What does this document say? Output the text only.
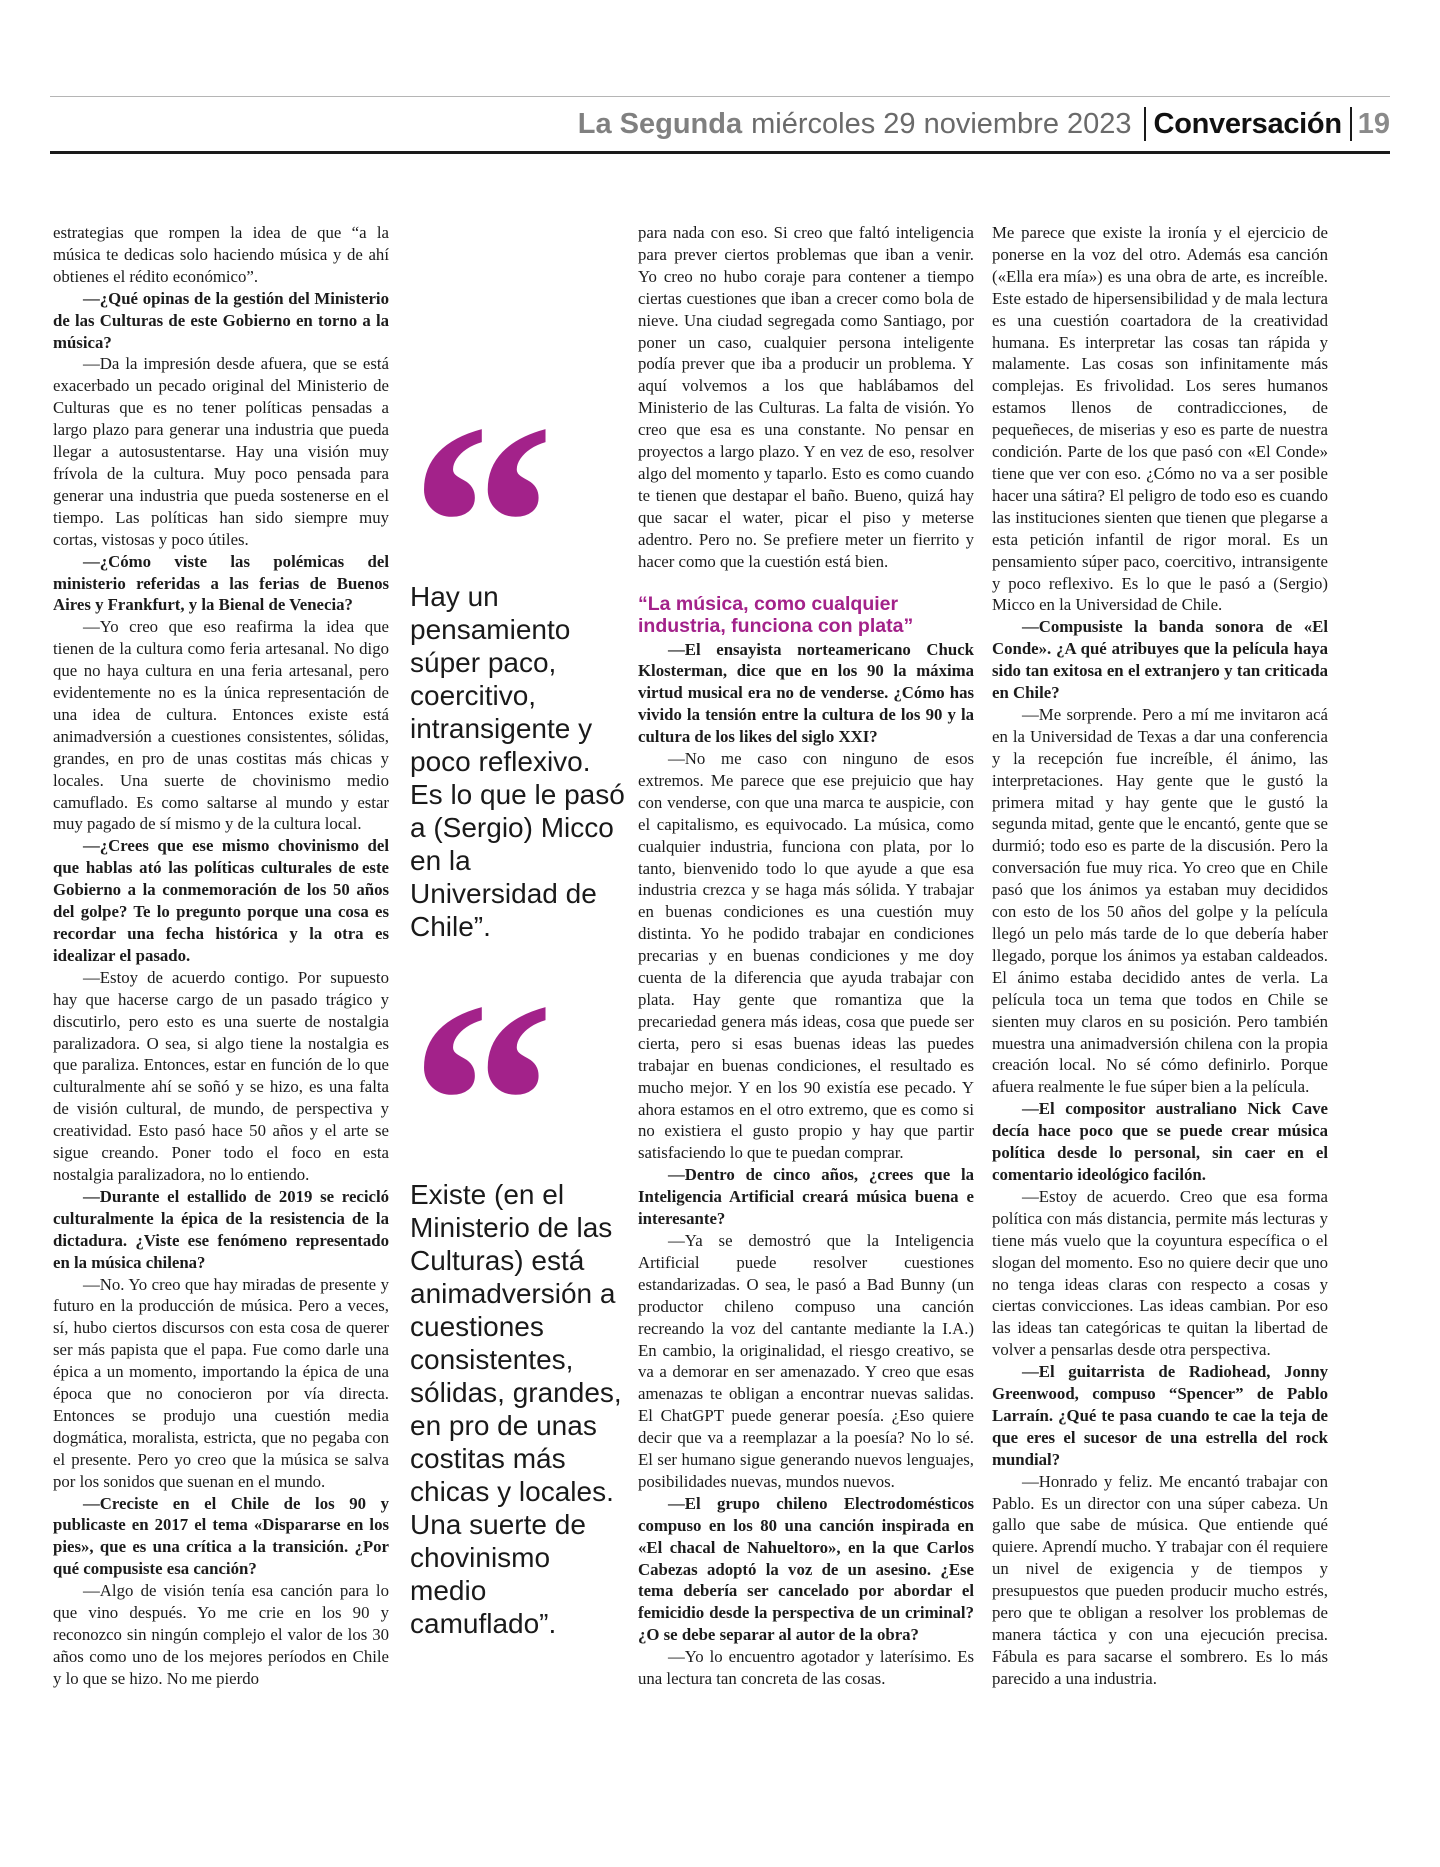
La Segunda miércoles 29 noviembre 2023 Conversación 19

estrategias que rompen la idea de que “a la música te dedicas solo haciendo música y de ahí obtienes el rédito económico”.

—¿Qué opinas de la gestión del Ministerio de las Culturas de este Gobierno en torno a la música?

—Da la impresión desde afuera, que se está exacerbado un pecado original del Ministerio de Culturas que es no tener políticas pensadas a largo plazo para generar una industria que pueda llegar a autosustentarse. Hay una visión muy frívola de la cultura. Muy poco pensada para generar una industria que pueda sostenerse en el tiempo. Las políticas han sido siempre muy cortas, vistosas y poco útiles.

—¿Cómo viste las polémicas del ministerio referidas a las ferias de Buenos Aires y Frankfurt, y la Bienal de Venecia?

—Yo creo que eso reafirma la idea que tienen de la cultura como feria artesanal. No digo que no haya cultura en una feria artesanal, pero evidentemente no es la única representación de una idea de cultura. Entonces existe está animadversión a cuestiones consistentes, sólidas, grandes, en pro de unas costitas más chicas y locales. Una suerte de chovinismo medio camuflado. Es como saltarse al mundo y estar muy pagado de sí mismo y de la cultura local.

—¿Crees que ese mismo chovinismo del que hablas ató las políticas culturales de este Gobierno a la conmemoración de los 50 años del golpe? Te lo pregunto porque una cosa es recordar una fecha histórica y la otra es idealizar el pasado.

—Estoy de acuerdo contigo. Por supuesto hay que hacerse cargo de un pasado trágico y discutirlo, pero esto es una suerte de nostalgia paralizadora. O sea, si algo tiene la nostalgia es que paraliza. Entonces, estar en función de lo que culturalmente ahí se soñó y se hizo, es una falta de visión cultural, de mundo, de perspectiva y creatividad. Esto pasó hace 50 años y el arte se sigue creando. Poner todo el foco en esta nostalgia paralizadora, no lo entiendo.

—Durante el estallido de 2019 se recicló culturalmente la épica de la resistencia de la dictadura. ¿Viste ese fenómeno representado en la música chilena?

—No. Yo creo que hay miradas de presente y futuro en la producción de música. Pero a veces, sí, hubo ciertos discursos con esta cosa de querer ser más papista que el papa. Fue como darle una épica a un momento, importando la épica de una época que no conocieron por vía directa. Entonces se produjo una cuestión media dogmática, moralista, estricta, que no pegaba con el presente. Pero yo creo que la música se salva por los sonidos que suenan en el mundo.

—Creciste en el Chile de los 90 y publicaste en 2017 el tema «Dispararse en los pies», que es una crítica a la transición. ¿Por qué compusiste esa canción?

—Algo de visión tenía esa canción para lo que vino después. Yo me crie en los 90 y reconozco sin ningún complejo el valor de los 30 años como uno de los mejores períodos en Chile y lo que se hizo. No me pierdo

Hay un pensamiento súper paco, coercitivo, intransigente y poco reflexivo. Es lo que le pasó a (Sergio) Micco en la Universidad de Chile”.
Existe (en el Ministerio de las Culturas) está animadversión a cuestiones consistentes, sólidas, grandes, en pro de unas costitas más chicas y locales. Una suerte de chovinismo medio camuflado”.

para nada con eso. Si creo que faltó inteligencia para prever ciertos problemas que iban a venir. Yo creo no hubo coraje para contener a tiempo ciertas cuestiones que iban a crecer como bola de nieve. Una ciudad segregada como Santiago, por poner un caso, cualquier persona inteligente podía prever que iba a producir un problema. Y aquí volvemos a los que hablábamos del Ministerio de las Culturas. La falta de visión. Yo creo que esa es una constante. No pensar en proyectos a largo plazo. Y en vez de eso, resolver algo del momento y taparlo. Esto es como cuando te tienen que destapar el baño. Bueno, quizá hay que sacar el water, picar el piso y meterse adentro. Pero no. Se prefiere meter un fierrito y hacer como que la cuestión está bien.

“La música, como cualquier industria, funciona con plata”

—El ensayista norteamericano Chuck Klosterman, dice que en los 90 la máxima virtud musical era no de venderse. ¿Cómo has vivido la tensión entre la cultura de los 90 y la cultura de los likes del siglo XXI?

—No me caso con ninguno de esos extremos. Me parece que ese prejuicio que hay con venderse, con que una marca te auspicie, con el capitalismo, es equivocado. La música, como cualquier industria, funciona con plata, por lo tanto, bienvenido todo lo que ayude a que esa industria crezca y se haga más sólida. Y trabajar en buenas condiciones es una cuestión muy distinta. Yo he podido trabajar en condiciones precarias y en buenas condiciones y me doy cuenta de la diferencia que ayuda trabajar con plata. Hay gente que romantiza que la precariedad genera más ideas, cosa que puede ser cierta, pero si esas buenas ideas las puedes trabajar en buenas condiciones, el resultado es mucho mejor. Y en los 90 existía ese pecado. Y ahora estamos en el otro extremo, que es como si no existiera el gusto propio y hay que partir satisfaciendo lo que te puedan comprar.

—Dentro de cinco años, ¿crees que la Inteligencia Artificial creará música buena e interesante?

—Ya se demostró que la Inteligencia Artificial puede resolver cuestiones estandarizadas. O sea, le pasó a Bad Bunny (un productor chileno compuso una canción recreando la voz del cantante mediante la I.A.) En cambio, la originalidad, el riesgo creativo, se va a demorar en ser amenazado. Y creo que esas amenazas te obligan a encontrar nuevas salidas. El ChatGPT puede generar poesía. ¿Eso quiere decir que va a reemplazar a la poesía? No lo sé. El ser humano sigue generando nuevos lenguajes, posibilidades nuevas, mundos nuevos.

—El grupo chileno Electrodomésticos compuso en los 80 una canción inspirada en «El chacal de Nahueltoro», en la que Carlos Cabezas adoptó la voz de un asesino. ¿Ese tema debería ser cancelado por abordar el femicidio desde la perspectiva de un criminal? ¿O se debe separar al autor de la obra?

—Yo lo encuentro agotador y laterísimo. Es una lectura tan concreta de las cosas.

Me parece que existe la ironía y el ejercicio de ponerse en la voz del otro. Además esa canción («Ella era mía») es una obra de arte, es increíble. Este estado de hipersensibilidad y de mala lectura es una cuestión coartadora de la creatividad humana. Es interpretar las cosas tan rápida y malamente. Las cosas son infinitamente más complejas. Es frivolidad. Los seres humanos estamos llenos de contradicciones, de pequeñeces, de miserias y eso es parte de nuestra condición. Parte de los que pasó con «El Conde» tiene que ver con eso. ¿Cómo no va a ser posible hacer una sátira? El peligro de todo eso es cuando las instituciones sienten que tienen que plegarse a esta petición infantil de rigor moral. Es un pensamiento súper paco, coercitivo, intransigente y poco reflexivo. Es lo que le pasó a (Sergio) Micco en la Universidad de Chile.

—Compusiste la banda sonora de «El Conde». ¿A qué atribuyes que la película haya sido tan exitosa en el extranjero y tan criticada en Chile?

—Me sorprende. Pero a mí me invitaron acá en la Universidad de Texas a dar una conferencia y la recepción fue increíble, él ánimo, las interpretaciones. Hay gente que le gustó la primera mitad y hay gente que le gustó la segunda mitad, gente que le encantó, gente que se durmió; todo eso es parte de la discusión. Pero la conversación fue muy rica. Yo creo que en Chile pasó que los ánimos ya estaban muy decididos con esto de los 50 años del golpe y la película llegó un pelo más tarde de lo que debería haber llegado, porque los ánimos ya estaban caldeados. El ánimo estaba decidido antes de verla. La película toca un tema que todos en Chile se sienten muy claros en su posición. Pero también muestra una animadversión chilena con la propia creación local. No sé cómo definirlo. Porque afuera realmente le fue súper bien a la película.

—El compositor australiano Nick Cave decía hace poco que se puede crear música política desde lo personal, sin caer en el comentario ideológico facilón.

—Estoy de acuerdo. Creo que esa forma política con más distancia, permite más lecturas y tiene más vuelo que la coyuntura específica o el slogan del momento. Eso no quiere decir que uno no tenga ideas claras con respecto a cosas y ciertas convicciones. Las ideas cambian. Por eso las ideas tan categóricas te quitan la libertad de volver a pensarlas desde otra perspectiva.

—El guitarrista de Radiohead, Jonny Greenwood, compuso “Spencer” de Pablo Larraín. ¿Qué te pasa cuando te cae la teja de que eres el sucesor de una estrella del rock mundial?

—Honrado y feliz. Me encantó trabajar con Pablo. Es un director con una súper cabeza. Un gallo que sabe de música. Que entiende qué quiere. Aprendí mucho. Y trabajar con él requiere un nivel de exigencia y de tiempos y presupuestos que pueden producir mucho estrés, pero que te obligan a resolver los problemas de manera táctica y con una ejecución precisa. Fábula es para sacarse el sombrero. Es lo más parecido a una industria.
